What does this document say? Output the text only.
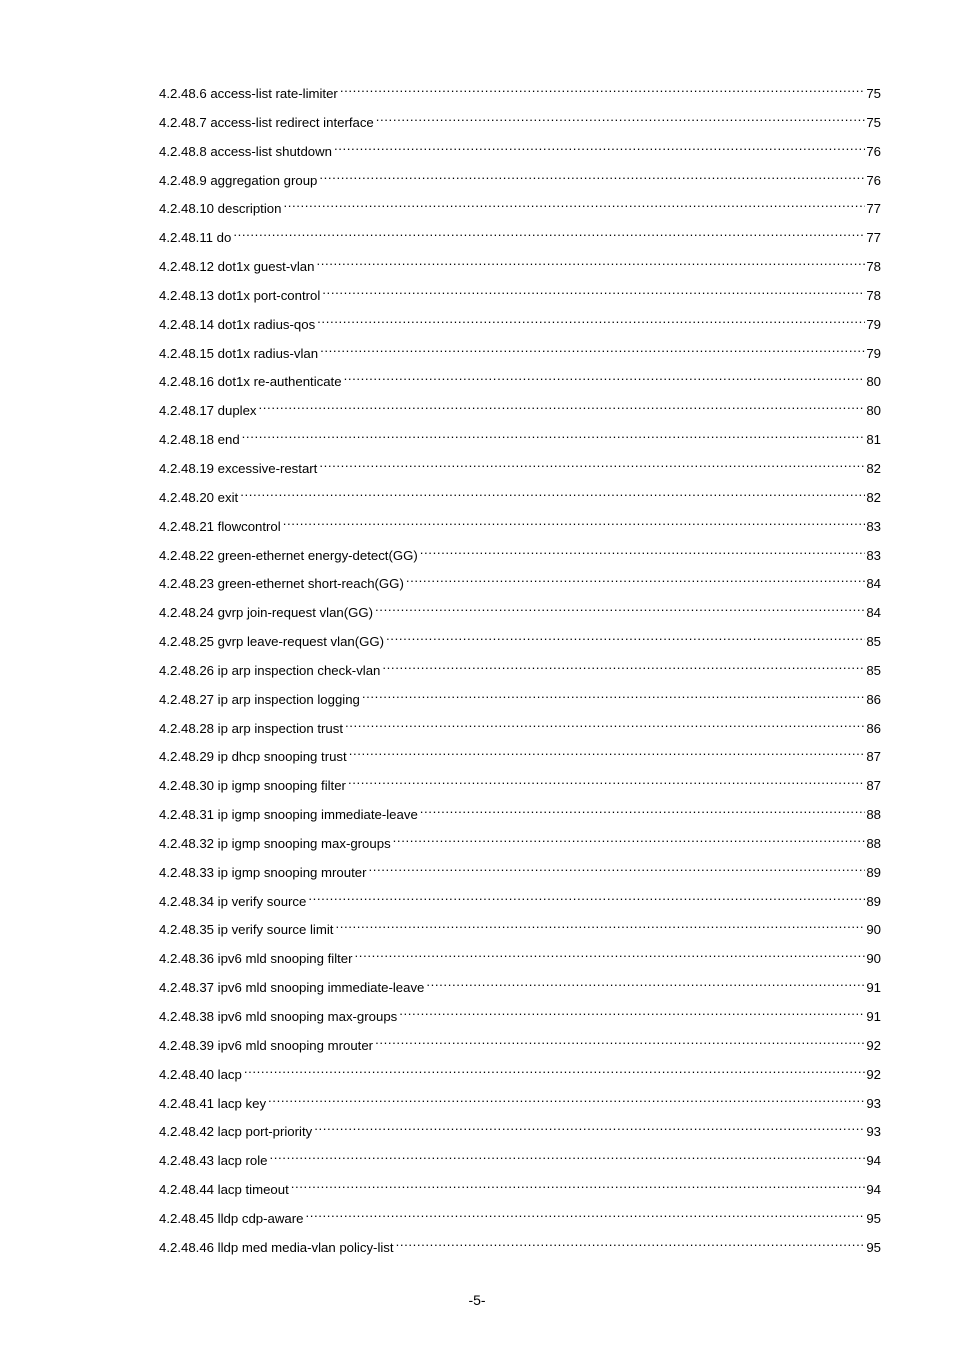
4.2.48.6 access-list rate-limiter .....	75
4.2.48.7 access-list redirect interface .....	75
4.2.48.8 access-list shutdown .....	76
4.2.48.9 aggregation group .....	76
4.2.48.10 description .....	77
4.2.48.11 do .....	77
4.2.48.12 dot1x guest-vlan .....	78
4.2.48.13 dot1x port-control .....	78
4.2.48.14 dot1x radius-qos .....	79
4.2.48.15 dot1x radius-vlan .....	79
4.2.48.16 dot1x re-authenticate .....	80
4.2.48.17 duplex .....	80
4.2.48.18 end .....	81
4.2.48.19 excessive-restart .....	82
4.2.48.20 exit .....	82
4.2.48.21 flowcontrol .....	83
4.2.48.22 green-ethernet energy-detect(GG) .....	83
4.2.48.23 green-ethernet short-reach(GG) .....	84
4.2.48.24 gvrp join-request vlan(GG) .....	84
4.2.48.25 gvrp leave-request vlan(GG) .....	85
4.2.48.26 ip arp inspection check-vlan .....	85
4.2.48.27 ip arp inspection logging .....	86
4.2.48.28 ip arp inspection trust .....	86
4.2.48.29 ip dhcp snooping trust .....	87
4.2.48.30 ip igmp snooping filter .....	87
4.2.48.31 ip igmp snooping immediate-leave .....	88
4.2.48.32 ip igmp snooping max-groups .....	88
4.2.48.33 ip igmp snooping mrouter .....	89
4.2.48.34 ip verify source .....	89
4.2.48.35 ip verify source limit .....	90
4.2.48.36 ipv6 mld snooping filter .....	90
4.2.48.37 ipv6 mld snooping immediate-leave .....	91
4.2.48.38 ipv6 mld snooping max-groups .....	91
4.2.48.39 ipv6 mld snooping mrouter .....	92
4.2.48.40 lacp .....	92
4.2.48.41 lacp key .....	93
4.2.48.42 lacp port-priority .....	93
4.2.48.43 lacp role .....	94
4.2.48.44 lacp timeout .....	94
4.2.48.45 lldp cdp-aware .....	95
4.2.48.46 lldp med media-vlan policy-list .....	95
-5-
